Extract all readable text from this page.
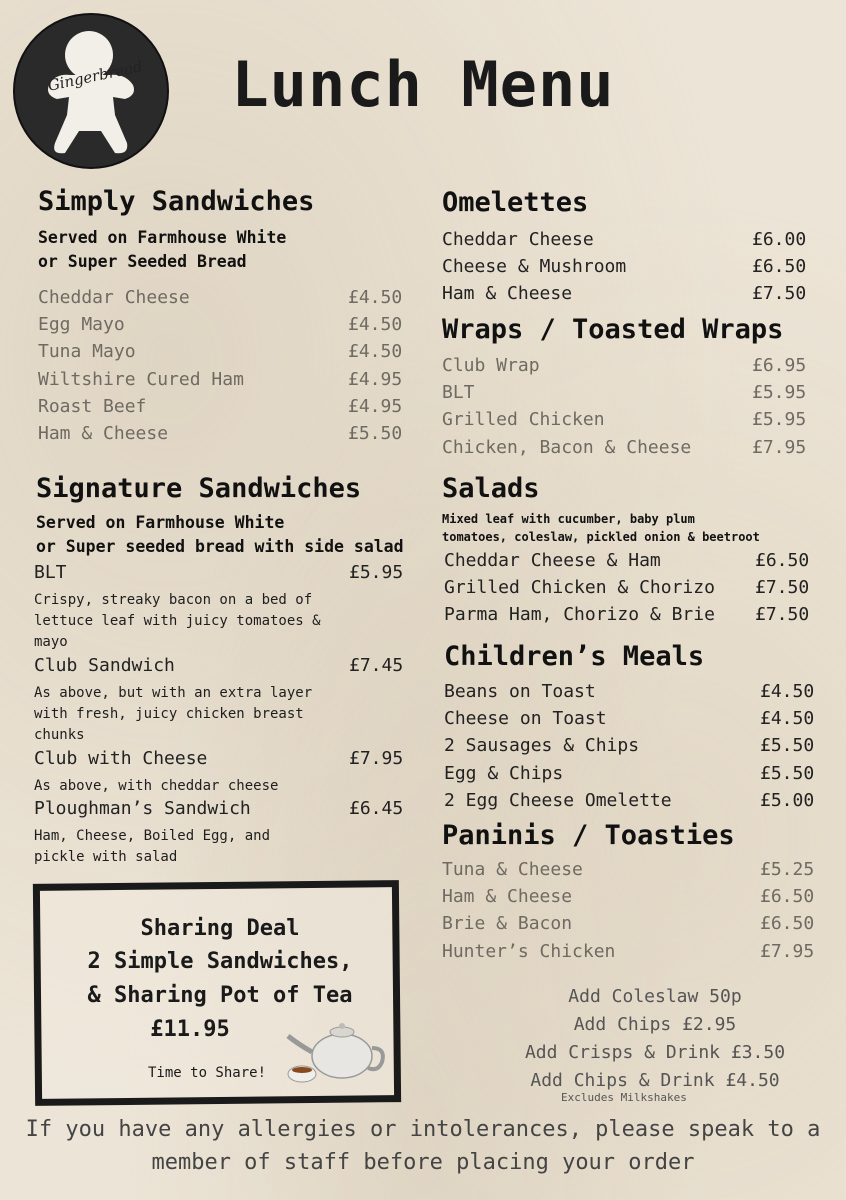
Gingerbread	Lunch Menu
Simply Sandwiches
Served on Farmhouse White
or Super Seeded Bread
Cheddar Cheese	£4.50
Egg Mayo	£4.50
Tuna Mayo	£4.50
Wiltshire Cured Ham	£4.95
Roast Beef	£4.95
Ham & Cheese	£5.50
Signature Sandwiches
Served on Farmhouse White
or Super seeded bread with side salad
BLT	£5.95
Crispy, streaky bacon on a bed of
lettuce leaf with juicy tomatoes &
mayo
Club Sandwich	£7.45
As above, but with an extra layer
with fresh, juicy chicken breast
chunks
Club with Cheese	£7.95
As above, with cheddar cheese
Ploughman’s Sandwich	£6.45
Ham, Cheese, Boiled Egg, and
pickle with salad
Sharing Deal
2 Simple Sandwiches,
& Sharing Pot of Tea
£11.95
Time to Share!
Omelettes
Cheddar Cheese	£6.00
Cheese & Mushroom	£6.50
Ham & Cheese	£7.50
Wraps / Toasted Wraps
Club Wrap	£6.95
BLT	£5.95
Grilled Chicken	£5.95
Chicken, Bacon & Cheese	£7.95
Salads
Mixed leaf with cucumber, baby plum
tomatoes, coleslaw, pickled onion & beetroot
Cheddar Cheese & Ham	£6.50
Grilled Chicken & Chorizo £7.50
Parma Ham, Chorizo & Brie £7.50
Children’s Meals
Beans on Toast	£4.50
Cheese on Toast	£4.50
2 Sausages & Chips	£5.50
Egg & Chips	£5.50
2 Egg Cheese Omelette	£5.00
Paninis / Toasties
Tuna & Cheese	£5.25
Ham & Cheese	£6.50
Brie & Bacon	£6.50
Hunter’s Chicken	£7.95
Add Coleslaw 50p
Add Chips £2.95
Add Crisps & Drink £3.50
Add Chips & Drink £4.50
Excludes Milkshakes
If you have any allergies or intolerances, please speak to a
member of staff before placing your order
